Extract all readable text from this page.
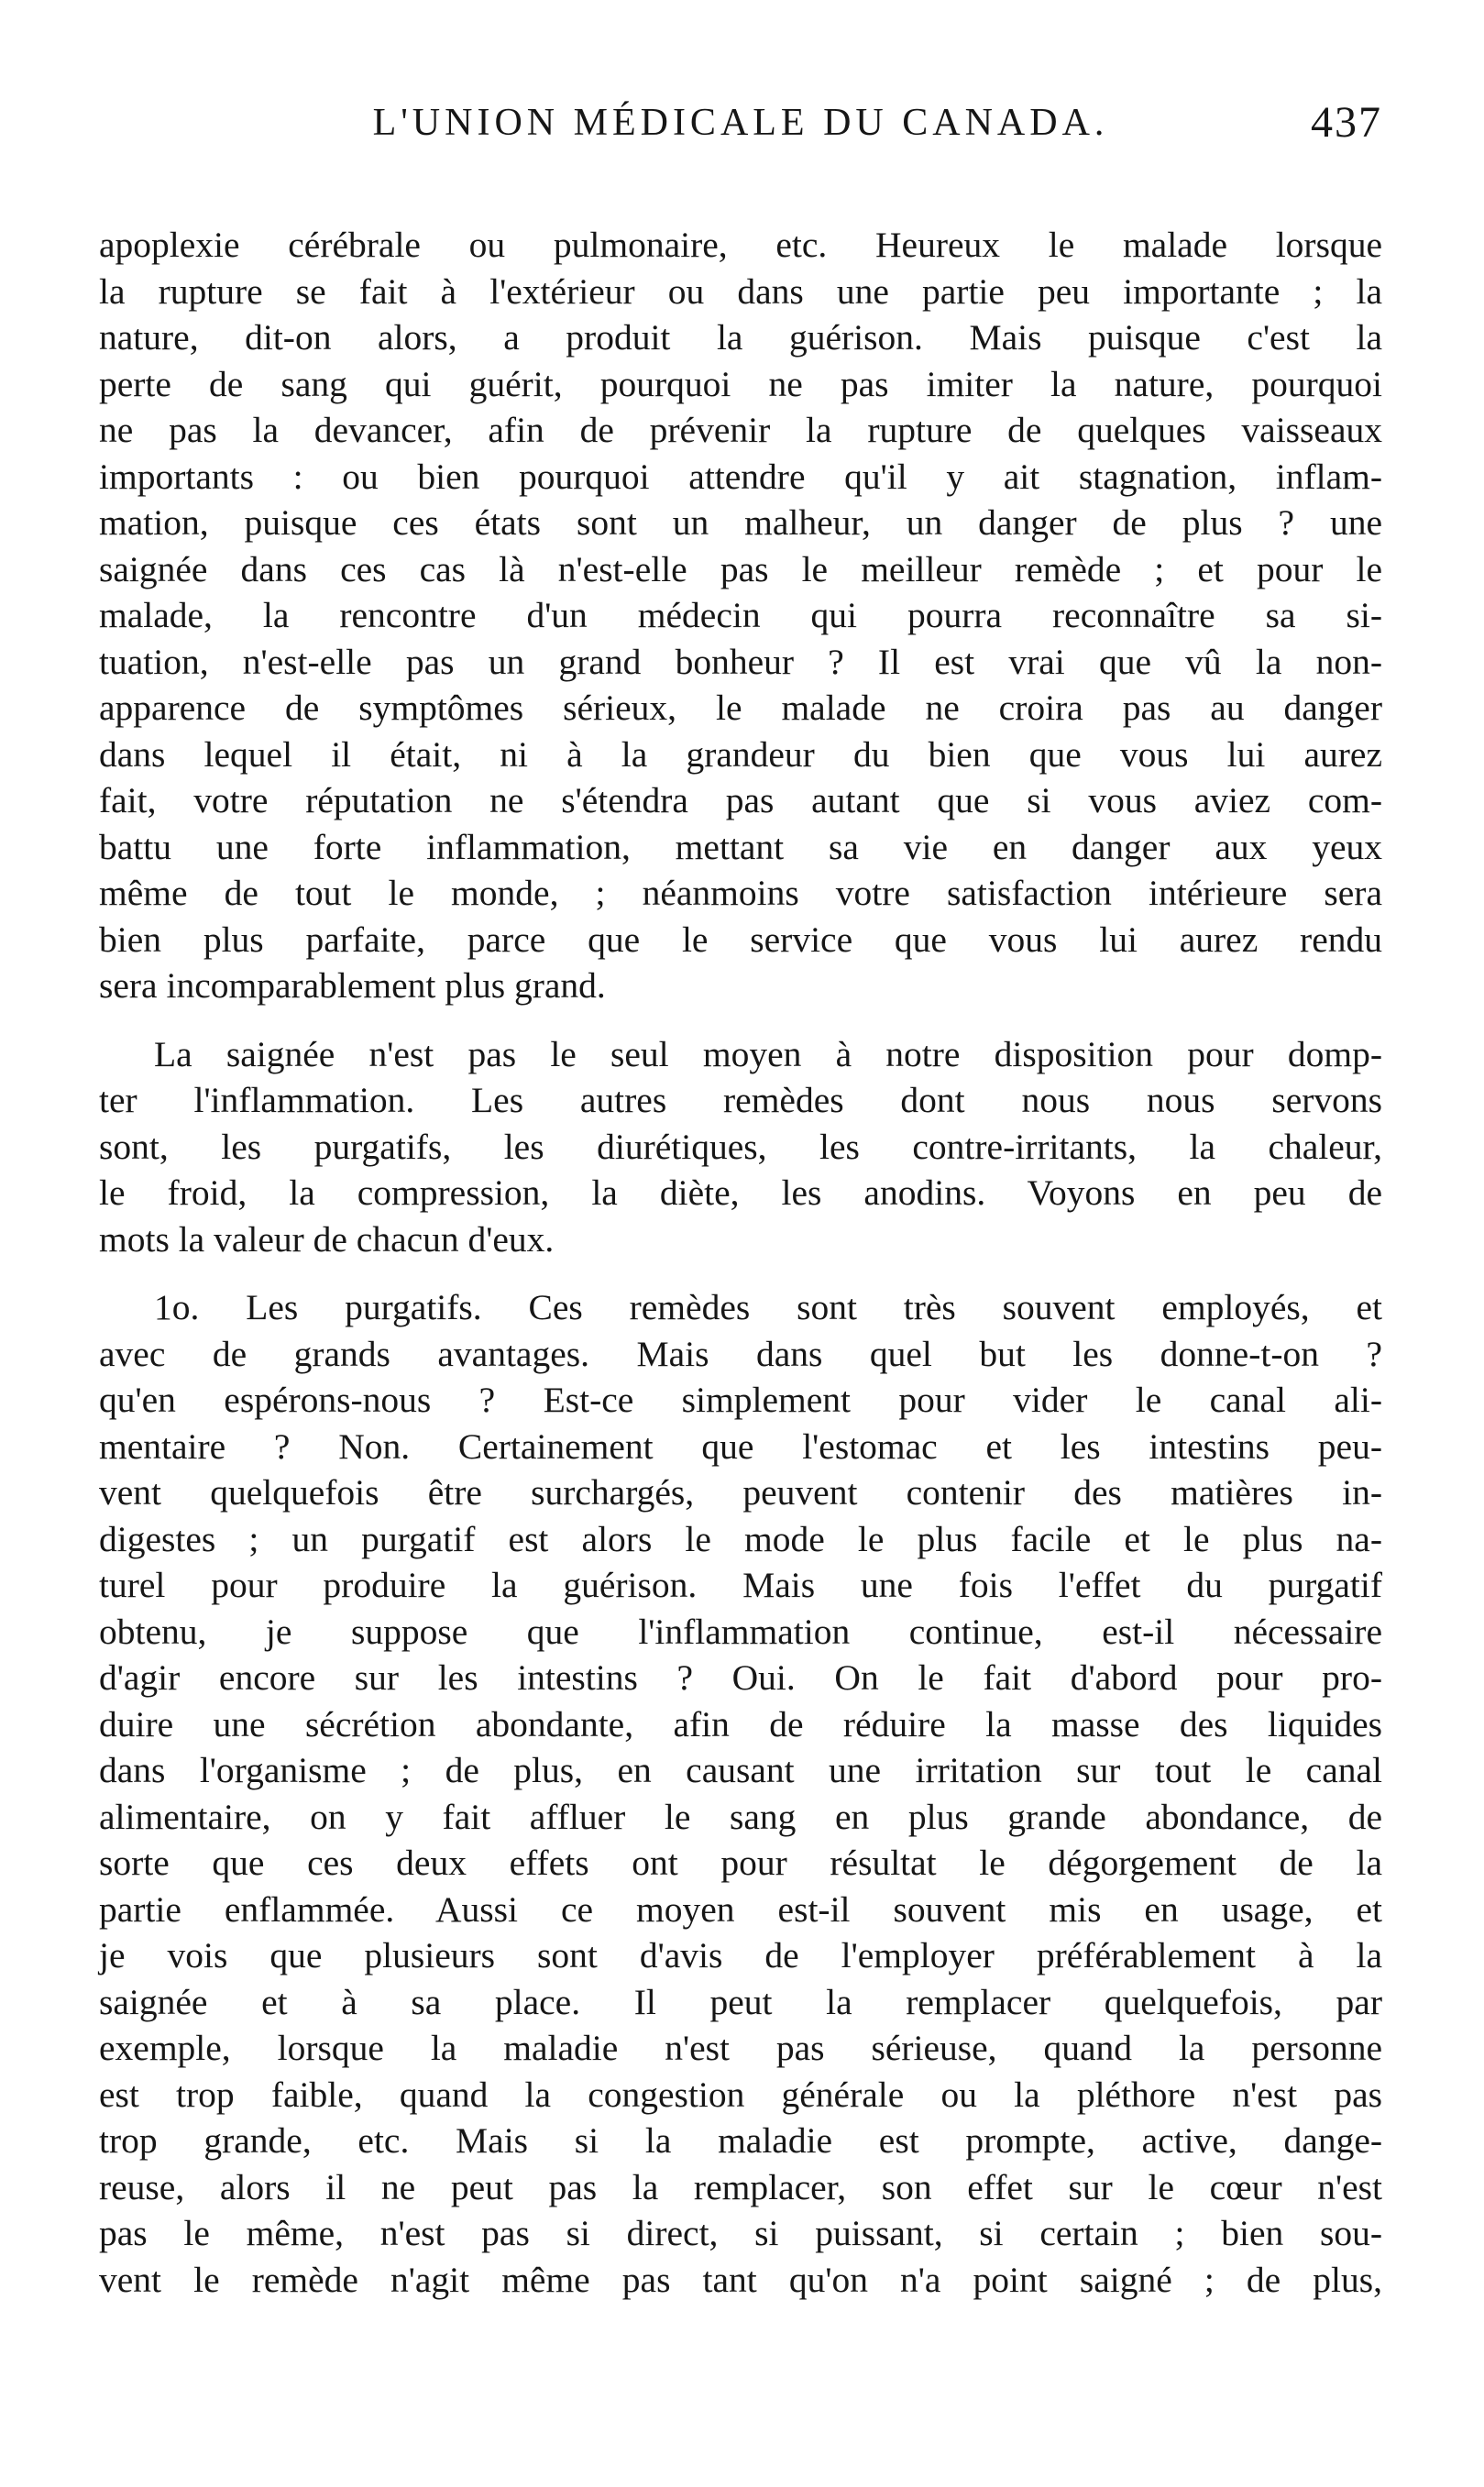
L'UNION MÉDICALE DU CANADA.	437
apoplexie cérébrale ou pulmonaire, etc. Heureux le malade lorsque
la rupture se fait à l'extérieur ou dans une partie peu importante ; la
nature, dit-on alors, a produit la guérison. Mais puisque c'est la
perte de sang qui guérit, pourquoi ne pas imiter la nature, pourquoi
ne pas la devancer, afin de prévenir la rupture de quelques vaisseaux
importants : ou bien pourquoi attendre qu'il y ait stagnation, inflam-
mation, puisque ces états sont un malheur, un danger de plus ? une
saignée dans ces cas là n'est-elle pas le meilleur remède ; et pour le
malade, la rencontre d'un médecin qui pourra reconnaître sa si-
tuation, n'est-elle pas un grand bonheur ? Il est vrai que vû la non-
apparence de symptômes sérieux, le malade ne croira pas au danger
dans lequel il était, ni à la grandeur du bien que vous lui aurez
fait, votre réputation ne s'étendra pas autant que si vous aviez com-
battu une forte inflammation, mettant sa vie en danger aux yeux
même de tout le monde, ; néanmoins votre satisfaction intérieure sera
bien plus parfaite, parce que le service que vous lui aurez rendu
sera incomparablement plus grand.
La saignée n'est pas le seul moyen à notre disposition pour domp-
ter l'inflammation. Les autres remèdes dont nous nous servons
sont, les purgatifs, les diurétiques, les contre-irritants, la chaleur,
le froid, la compression, la diète, les anodins. Voyons en peu de
mots la valeur de chacun d'eux.
1o. Les purgatifs. Ces remèdes sont très souvent employés, et
avec de grands avantages. Mais dans quel but les donne-t-on ?
qu'en espérons-nous ? Est-ce simplement pour vider le canal ali-
mentaire ? Non. Certainement que l'estomac et les intestins peu-
vent quelquefois être surchargés, peuvent contenir des matières in-
digestes ; un purgatif est alors le mode le plus facile et le plus na-
turel pour produire la guérison. Mais une fois l'effet du purgatif
obtenu, je suppose que l'inflammation continue, est-il nécessaire
d'agir encore sur les intestins ? Oui. On le fait d'abord pour pro-
duire une sécrétion abondante, afin de réduire la masse des liquides
dans l'organisme ; de plus, en causant une irritation sur tout le canal
alimentaire, on y fait affluer le sang en plus grande abondance, de
sorte que ces deux effets ont pour résultat le dégorgement de la
partie enflammée. Aussi ce moyen est-il souvent mis en usage, et
je vois que plusieurs sont d'avis de l'employer préférablement à la
saignée et à sa place. Il peut la remplacer quelquefois, par
exemple, lorsque la maladie n'est pas sérieuse, quand la personne
est trop faible, quand la congestion générale ou la pléthore n'est pas
trop grande, etc. Mais si la maladie est prompte, active, dange-
reuse, alors il ne peut pas la remplacer, son effet sur le cœur n'est
pas le même, n'est pas si direct, si puissant, si certain ; bien sou-
vent le remède n'agit même pas tant qu'on n'a point saigné ; de plus,
